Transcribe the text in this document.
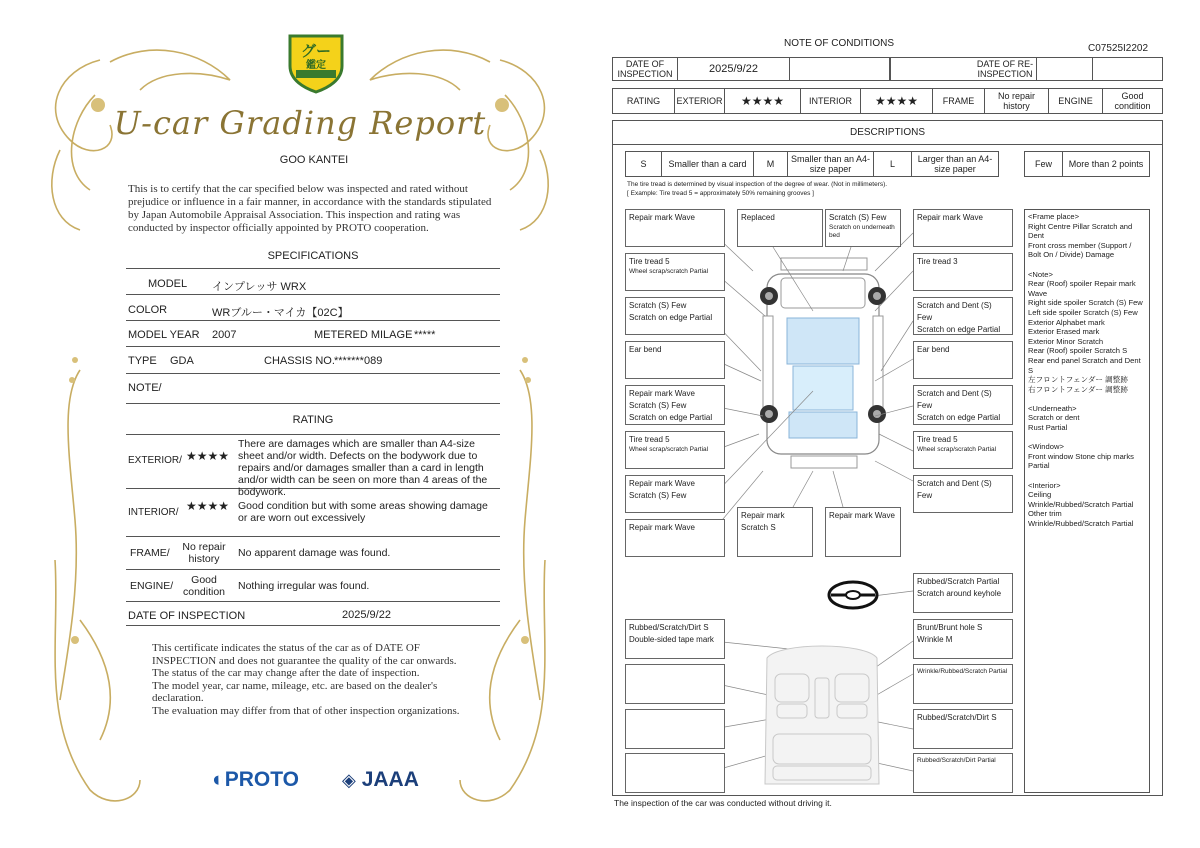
グー
鑑定
U-car Grading Report
GOO KANTEI
This is to certify that the car specified below was inspected and rated without prejudice or influence in a fair manner, in accordance with the standards stipulated by Japan Automobile Appraisal Association. This inspection and rating was conducted by inspector officially appointed by PROTO cooperation.
SPECIFICATIONS
MODEL インプレッサ WRX
COLOR	WRブルー・マイカ【02C】
MODEL YEAR 2007	METERED MILAGE *****
TYPE GDA	CHASSIS NO. *******089
NOTE/
RATING
EXTERIOR/ ★★★★
There are damages which are smaller than A4-size sheet and/or width. Defects on the bodywork due to repairs and/or damages smaller than a card in length and/or width can be seen on more than 4 areas of the bodywork.
INTERIOR/ ★★★★ Good condition but with some areas showing damage or are worn out excessively
FRAME/	No repair history	No apparent damage was found.
ENGINE/	Good condition	Nothing irregular was found.
DATE OF INSPECTION	2025/9/22
This certificate indicates the status of the car as of DATE OF INSPECTION and does not guarantee the quality of the car onwards.
The status of the car may change after the date of inspection.
The model year, car name, mileage, etc. are based on the dealer's declaration.
The evaluation may differ from that of other inspection organizations.
◐PROTO ◈ JAAA
NOTE OF CONDITIONS	C07525I2202
DATE OF INSPECTION	2025/9/22	DATE OF RE-INSPECTION
RATING	EXTERIOR	★★★★	INTERIOR	★★★★	FRAME	No repair history	ENGINE	Good condition
DESCRIPTIONS
S	Smaller than a card	M	Smaller than an A4-size paper	L	Larger than an A4-size paper	Few	More than 2 points
The tire tread is determined by visual inspection of the degree of wear. (Not in millimeters).
[ Example: Tire tread 5 = approximately 50% remaining grooves ]
Repair mark Wave	Replaced	Scratch (S) Few
Scratch on underneath bed
Repair mark Wave
Tire tread 5
Wheel scrap/scratch Partial
Tire tread 3
Scratch (S) Few
Scratch on edge Partial
Scratch and Dent (S) Few
Scratch on edge Partial
Ear bend	Ear bend
Repair mark Wave
Scratch (S) Few
Scratch on edge Partial
Scratch and Dent (S) Few
Scratch on edge Partial
Tire tread 5
Wheel scrap/scratch Partial
Tire tread 5
Wheel scrap/scratch Partial
Repair mark Wave
Scratch (S) Few
Scratch and Dent (S) Few
Repair mark Wave
Repair mark
Scratch S
Repair mark Wave
Rubbed/Scratch Partial
Scratch around keyhole
Rubbed/Scratch/Dirt S
Double-sided tape mark
Brunt/Brunt hole S
Wrinkle M
Wrinkle/Rubbed/Scratch Partial
Rubbed/Scratch/Dirt S
Rubbed/Scratch/Dirt Partial
<Frame place>
Right Centre Pillar Scratch and Dent
Front cross member (Support / Bolt On / Divide) Damage
<Note>
Rear (Roof) spoiler Repair mark Wave
Right side spoiler Scratch (S) Few
Left side spoiler Scratch (S) Few
Exterior Alphabet mark
Exterior Erased mark
Exterior Minor Scratch
Rear (Roof) spoiler Scratch S
Rear end panel Scratch and Dent S
左フロントフェンダー 調整跡
右フロントフェンダー 調整跡
<Underneath>
Scratch or dent
Rust Partial
<Window>
Front window Stone chip marks Partial
<Interior>
Ceiling
Wrinkle/Rubbed/Scratch Partial
Other trim
Wrinkle/Rubbed/Scratch Partial
The inspection of the car was conducted without driving it.
